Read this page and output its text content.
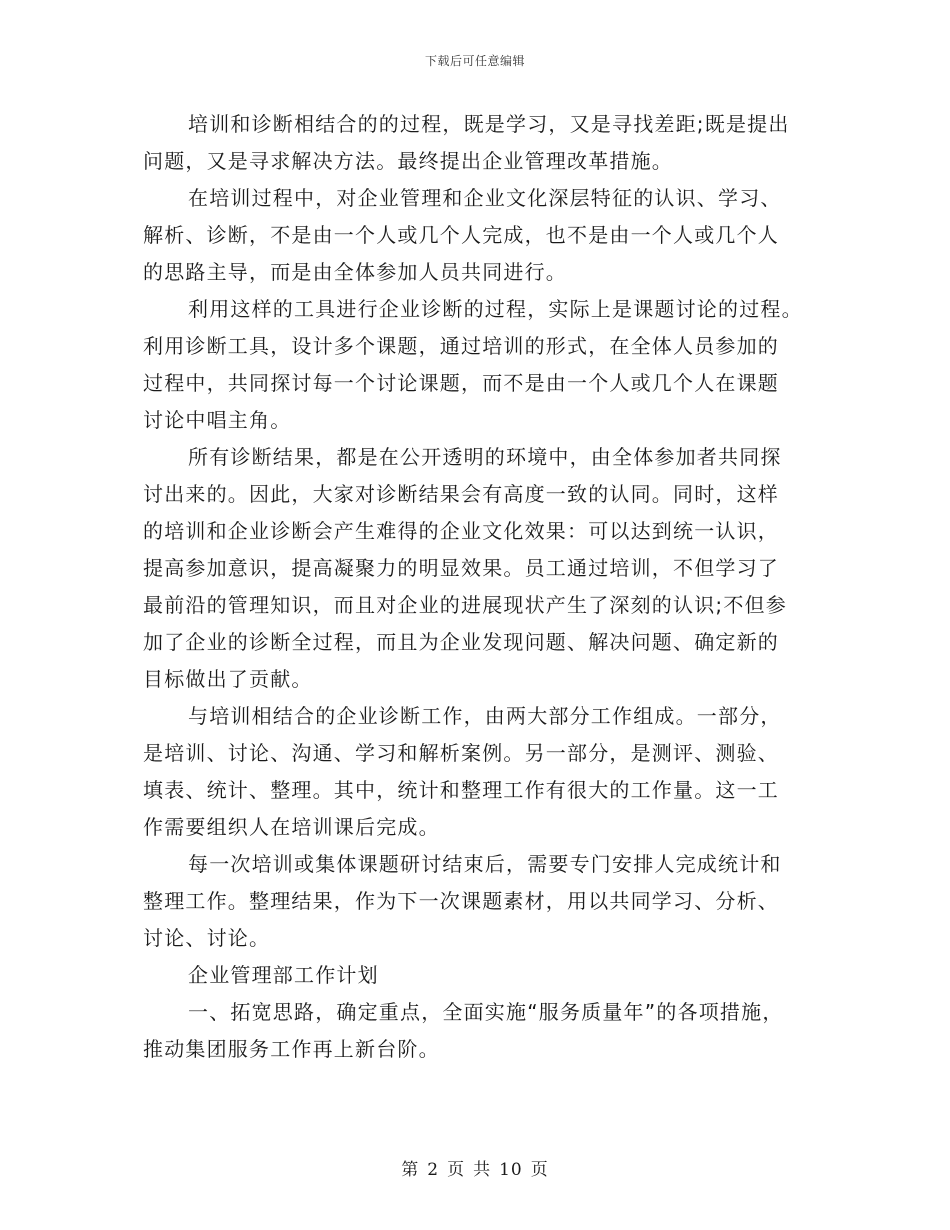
下载后可任意编辑

培训和诊断相结合的的过程，既是学习，又是寻找差距;既是提出
问题，又是寻求解决方法。最终提出企业管理改革措施。

在培训过程中，对企业管理和企业文化深层特征的认识、学习、
解析、诊断，不是由一个人或几个人完成，也不是由一个人或几个人
的思路主导，而是由全体参加人员共同进行。

利用这样的工具进行企业诊断的过程，实际上是课题讨论的过程。
利用诊断工具，设计多个课题，通过培训的形式，在全体人员参加的
过程中，共同探讨每一个讨论课题，而不是由一个人或几个人在课题
讨论中唱主角。

所有诊断结果，都是在公开透明的环境中，由全体参加者共同探
讨出来的。因此，大家对诊断结果会有高度一致的认同。同时，这样
的培训和企业诊断会产生难得的企业文化效果：可以达到统一认识，
提高参加意识，提高凝聚力的明显效果。员工通过培训，不但学习了
最前沿的管理知识，而且对企业的进展现状产生了深刻的认识;不但参
加了企业的诊断全过程，而且为企业发现问题、解决问题、确定新的
目标做出了贡献。

与培训相结合的企业诊断工作，由两大部分工作组成。一部分，
是培训、讨论、沟通、学习和解析案例。另一部分，是测评、测验、
填表、统计、整理。其中，统计和整理工作有很大的工作量。这一工
作需要组织人在培训课后完成。

每一次培训或集体课题研讨结束后，需要专门安排人完成统计和
整理工作。整理结果，作为下一次课题素材，用以共同学习、分析、
讨论、讨论。

企业管理部工作计划

一、拓宽思路，确定重点，全面实施“服务质量年”的各项措施，
推动集团服务工作再上新台阶。

第 2 页 共 10 页
